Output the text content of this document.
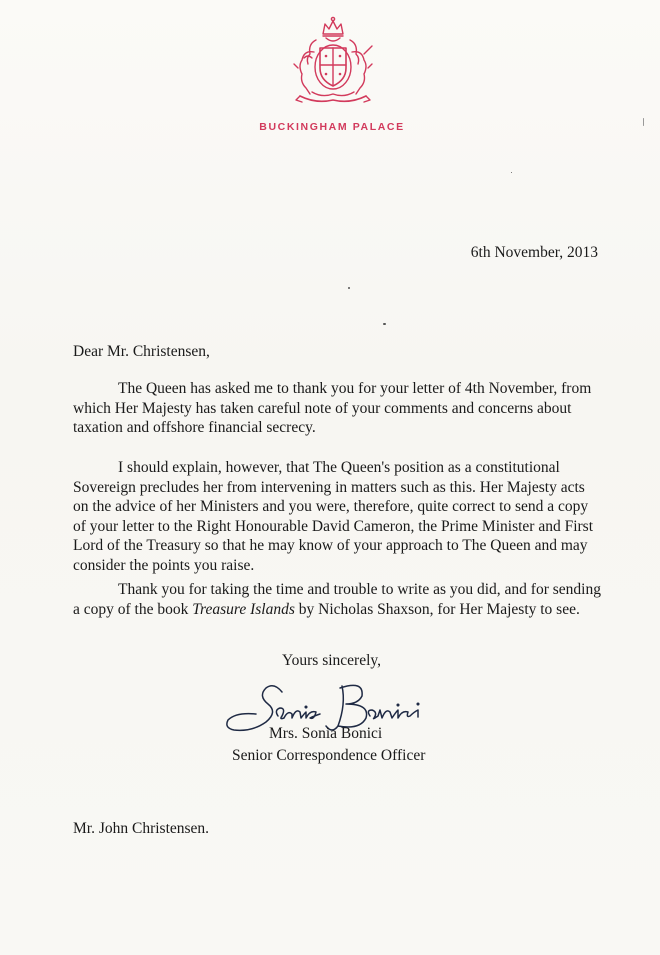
BUCKINGHAM PALACE
6th November, 2013
Dear Mr. Christensen,

The Queen has asked me to thank you for your letter of 4th November, from which Her Majesty has taken careful note of your comments and concerns about taxation and offshore financial secrecy.

I should explain, however, that The Queen's position as a constitutional Sovereign precludes her from intervening in matters such as this. Her Majesty acts on the advice of her Ministers and you were, therefore, quite correct to send a copy of your letter to the Right Honourable David Cameron, the Prime Minister and First Lord of the Treasury so that he may know of your approach to The Queen and may consider the points you raise.

Thank you for taking the time and trouble to write as you did, and for sending a copy of the book Treasure Islands by Nicholas Shaxson, for Her Majesty to see.

Yours sincerely,
Mrs. Sonia Bonici
Senior Correspondence Officer
Mr. John Christensen.
